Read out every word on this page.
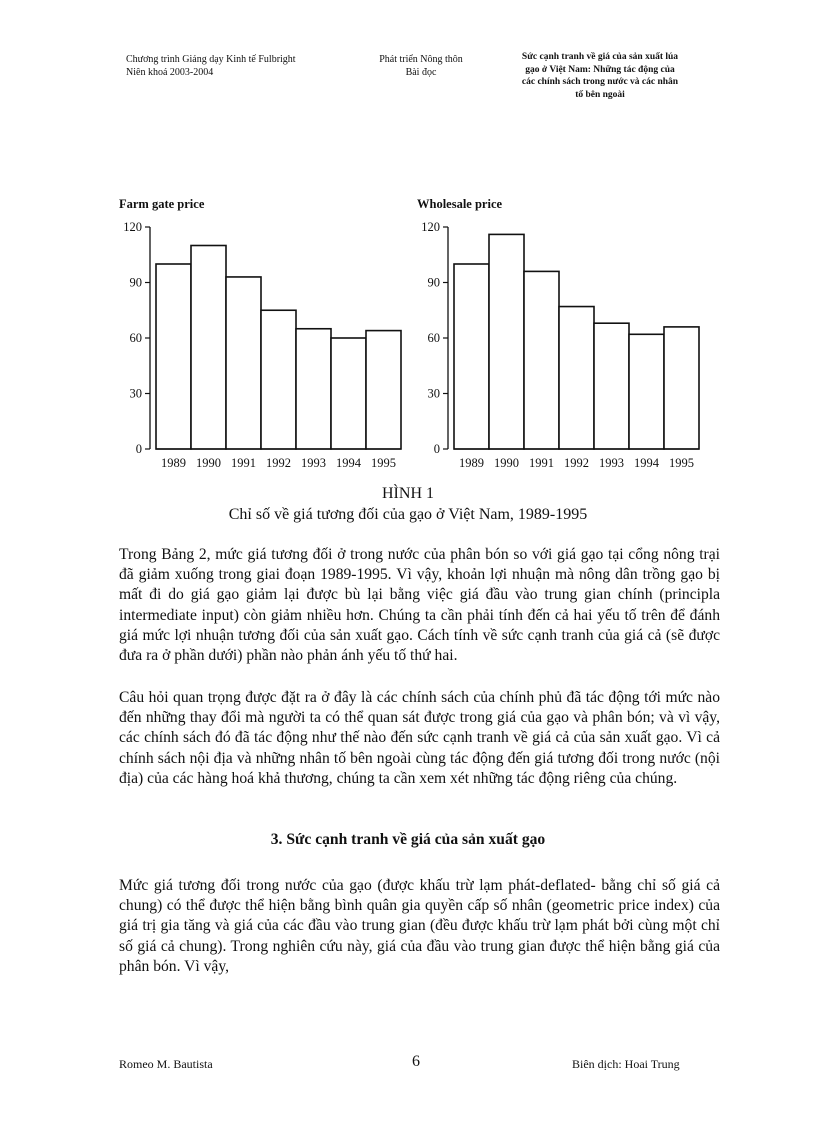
Chương trình Giảng dạy Kinh tế Fulbright
Niên khoá 2003-2004
Phát triển Nông thôn
Bài đọc
Sức cạnh tranh về giá của sản xuất lúa
gạo ở Việt Nam: Những tác động của
các chính sách trong nước và các nhân
tố bên ngoài
Farm gate price
0
30
60
90
120
1989 1990 1991 1992 1993 1994 1995
Wholesale price
0
30
60
90
120
1989 1990 1991 1992 1993 1994 1995
HÌNH 1
Chỉ số về giá tương đối của gạo ở Việt Nam, 1989-1995
Trong Bảng 2, mức giá tương đối ở trong nước của phân bón so với giá gạo tại cổng nông trại đã giảm xuống trong giai đoạn 1989-1995. Vì vậy, khoản lợi nhuận mà nông dân trồng gạo bị mất đi do giá gạo giảm lại được bù lại bằng việc giá đầu vào trung gian chính (principla intermediate input) còn giảm nhiều hơn. Chúng ta cần phải tính đến cả hai yếu tố trên để đánh giá mức lợi nhuận tương đối của sản xuất gạo. Cách tính về sức cạnh tranh của giá cả (sẽ được đưa ra ở phần dưới) phần nào phản ánh yếu tố thứ hai.
Câu hỏi quan trọng được đặt ra ở đây là các chính sách của chính phủ đã tác động tới mức nào đến những thay đổi mà người ta có thể quan sát được trong giá của gạo và phân bón; và vì vậy, các chính sách đó đã tác động như thế nào đến sức cạnh tranh về giá cả của sản xuất gạo. Vì cả chính sách nội địa và những nhân tố bên ngoài cùng tác động đến giá tương đối trong nước (nội địa) của các hàng hoá khả thương, chúng ta cần xem xét những tác động riêng của chúng.
3. Sức cạnh tranh về giá của sản xuất gạo
Mức giá tương đối trong nước của gạo (được khấu trừ lạm phát-deflated- bằng chỉ số giá cả chung) có thể được thể hiện bằng bình quân gia quyền cấp số nhân (geometric price index) của giá trị gia tăng và giá của các đầu vào trung gian (đều được khấu trừ lạm phát bởi cùng một chỉ số giá cả chung). Trong nghiên cứu này, giá của đầu vào trung gian được thể hiện bằng giá của phân bón. Vì vậy,
Romeo M. Bautista	6	Biên dịch: Hoai Trung
